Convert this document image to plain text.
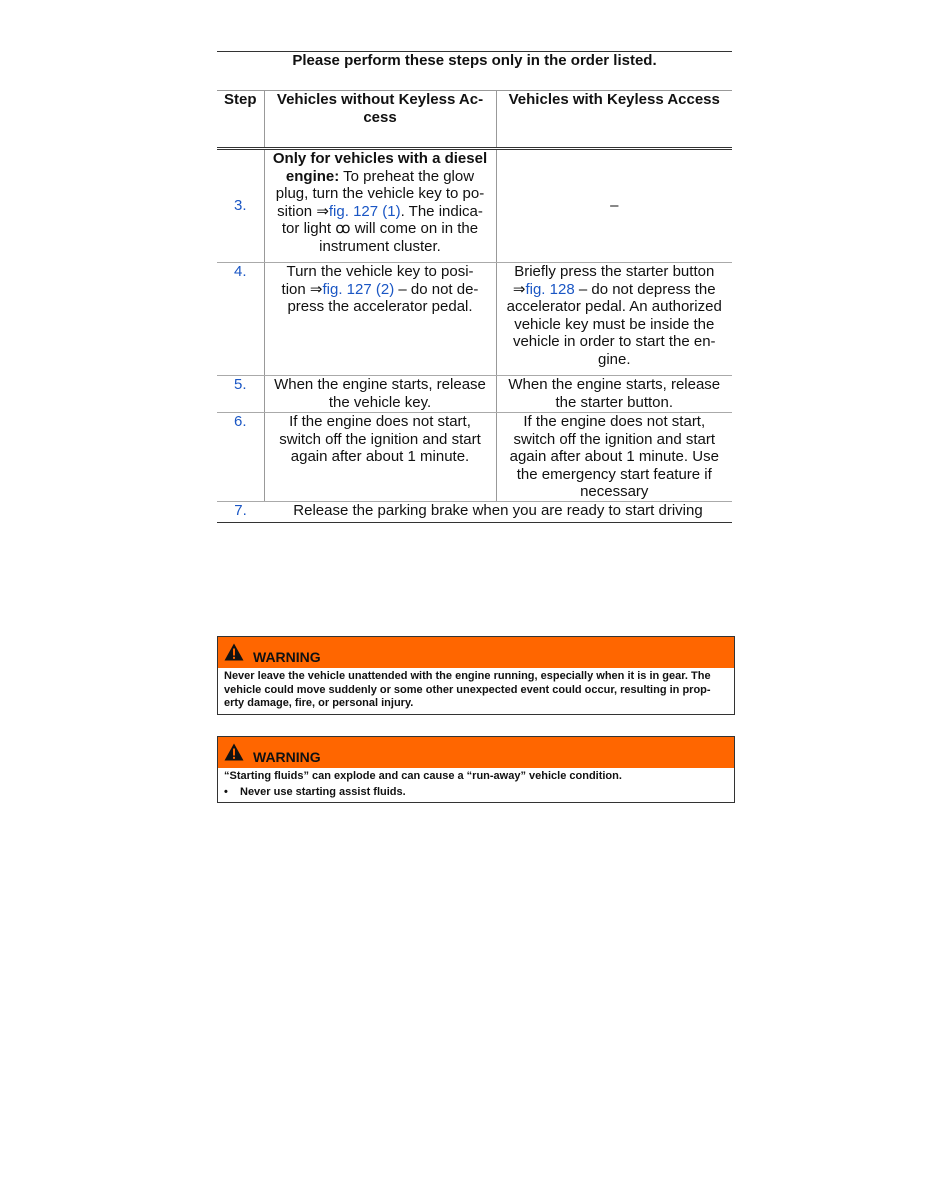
Please perform these steps only in the order listed.		
Step	Vehicles without Keyless Ac-
cess	Vehicles with Keyless Access
3.	Only for vehicles with a diesel engine: To preheat the glow plug, turn the vehicle key to po-
sition ⇒fig. 127 (1). The indica-
tor light ꝏ will come on in the instrument cluster.	–
4.	Turn the vehicle key to posi-
tion ⇒fig. 127 (2) – do not de-
press the accelerator pedal.	Briefly press the starter button
⇒fig. 128 – do not depress the accelerator pedal. An authorized vehicle key must be inside the vehicle in order to start the en-
gine.
5.	When the engine starts, release the vehicle key.	When the engine starts, release the starter button.
6.	If the engine does not start, switch off the ignition and start again after about 1 minute.	If the engine does not start, switch off the ignition and start again after about 1 minute. Use the emergency start feature if necessary
7.	Release the parking brake when you are ready to start driving	
WARNING
Never leave the vehicle unattended with the engine running, especially when it is in gear. The vehicle could move suddenly or some other unexpected event could occur, resulting in prop-
erty damage, fire, or personal injury.
WARNING
“Starting fluids” can explode and can cause a “run-away” vehicle condition.
• Never use starting assist fluids.
